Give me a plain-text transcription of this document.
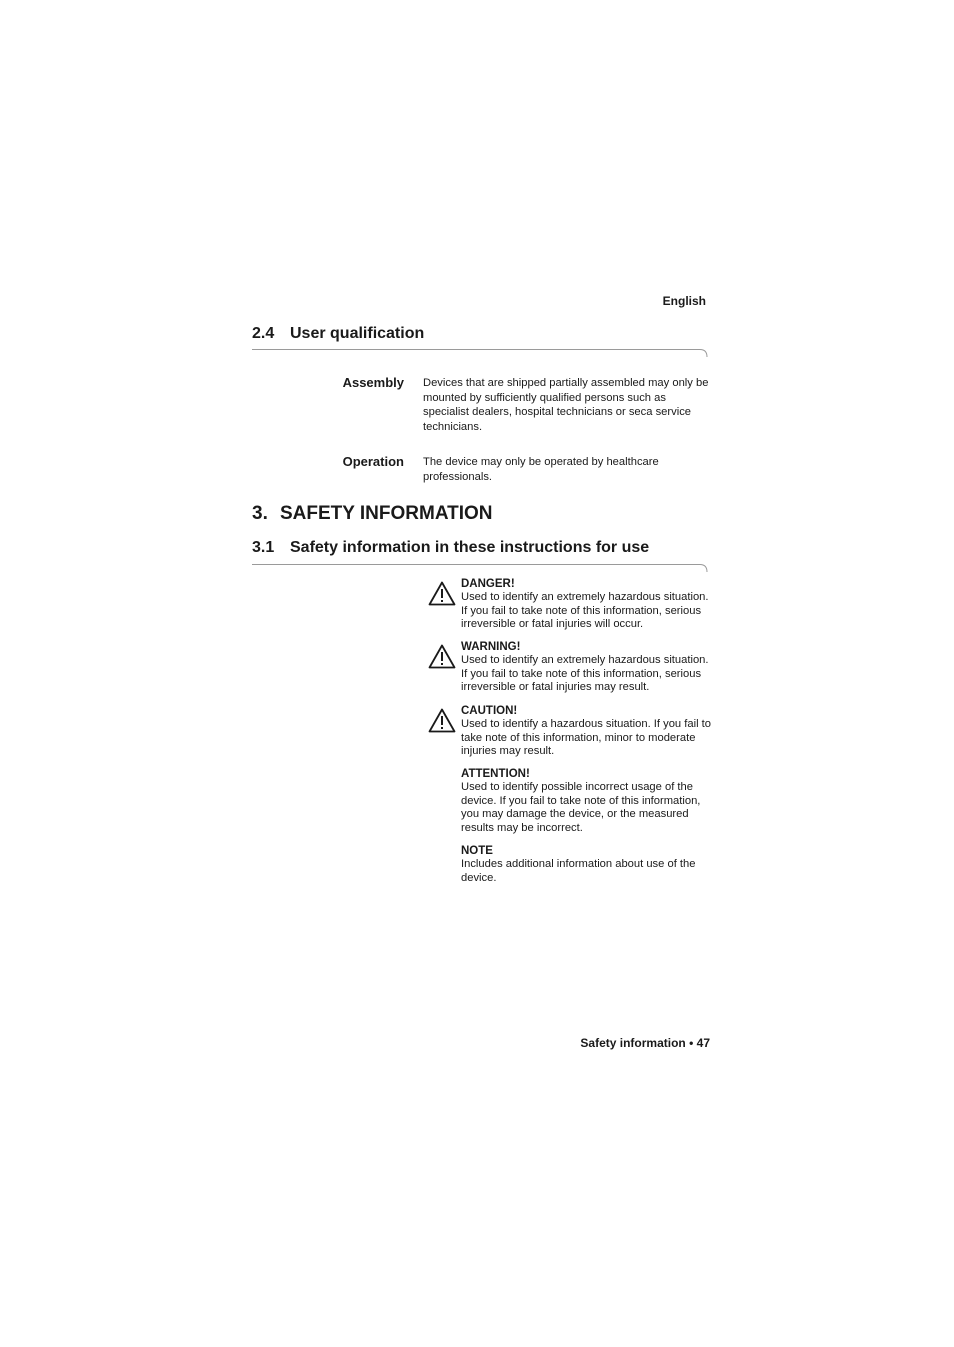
English
2.4 User qualification
Assembly Devices that are shipped partially assembled may only be mounted by sufficiently qualified persons such as specialist dealers, hospital technicians or seca service technicians.
Operation The device may only be operated by healthcare professionals.
3. SAFETY INFORMATION
3.1 Safety information in these instructions for use
DANGER!
Used to identify an extremely hazardous situation. If you fail to take note of this information, serious irreversible or fatal injuries will occur.
WARNING!
Used to identify an extremely hazardous situation. If you fail to take note of this information, serious irreversible or fatal injuries may result.
CAUTION!
Used to identify a hazardous situation. If you fail to take note of this information, minor to moderate injuries may result.
ATTENTION!
Used to identify possible incorrect usage of the device. If you fail to take note of this information, you may damage the device, or the measured results may be incorrect.
NOTE
Includes additional information about use of the device.
Safety information • 47
